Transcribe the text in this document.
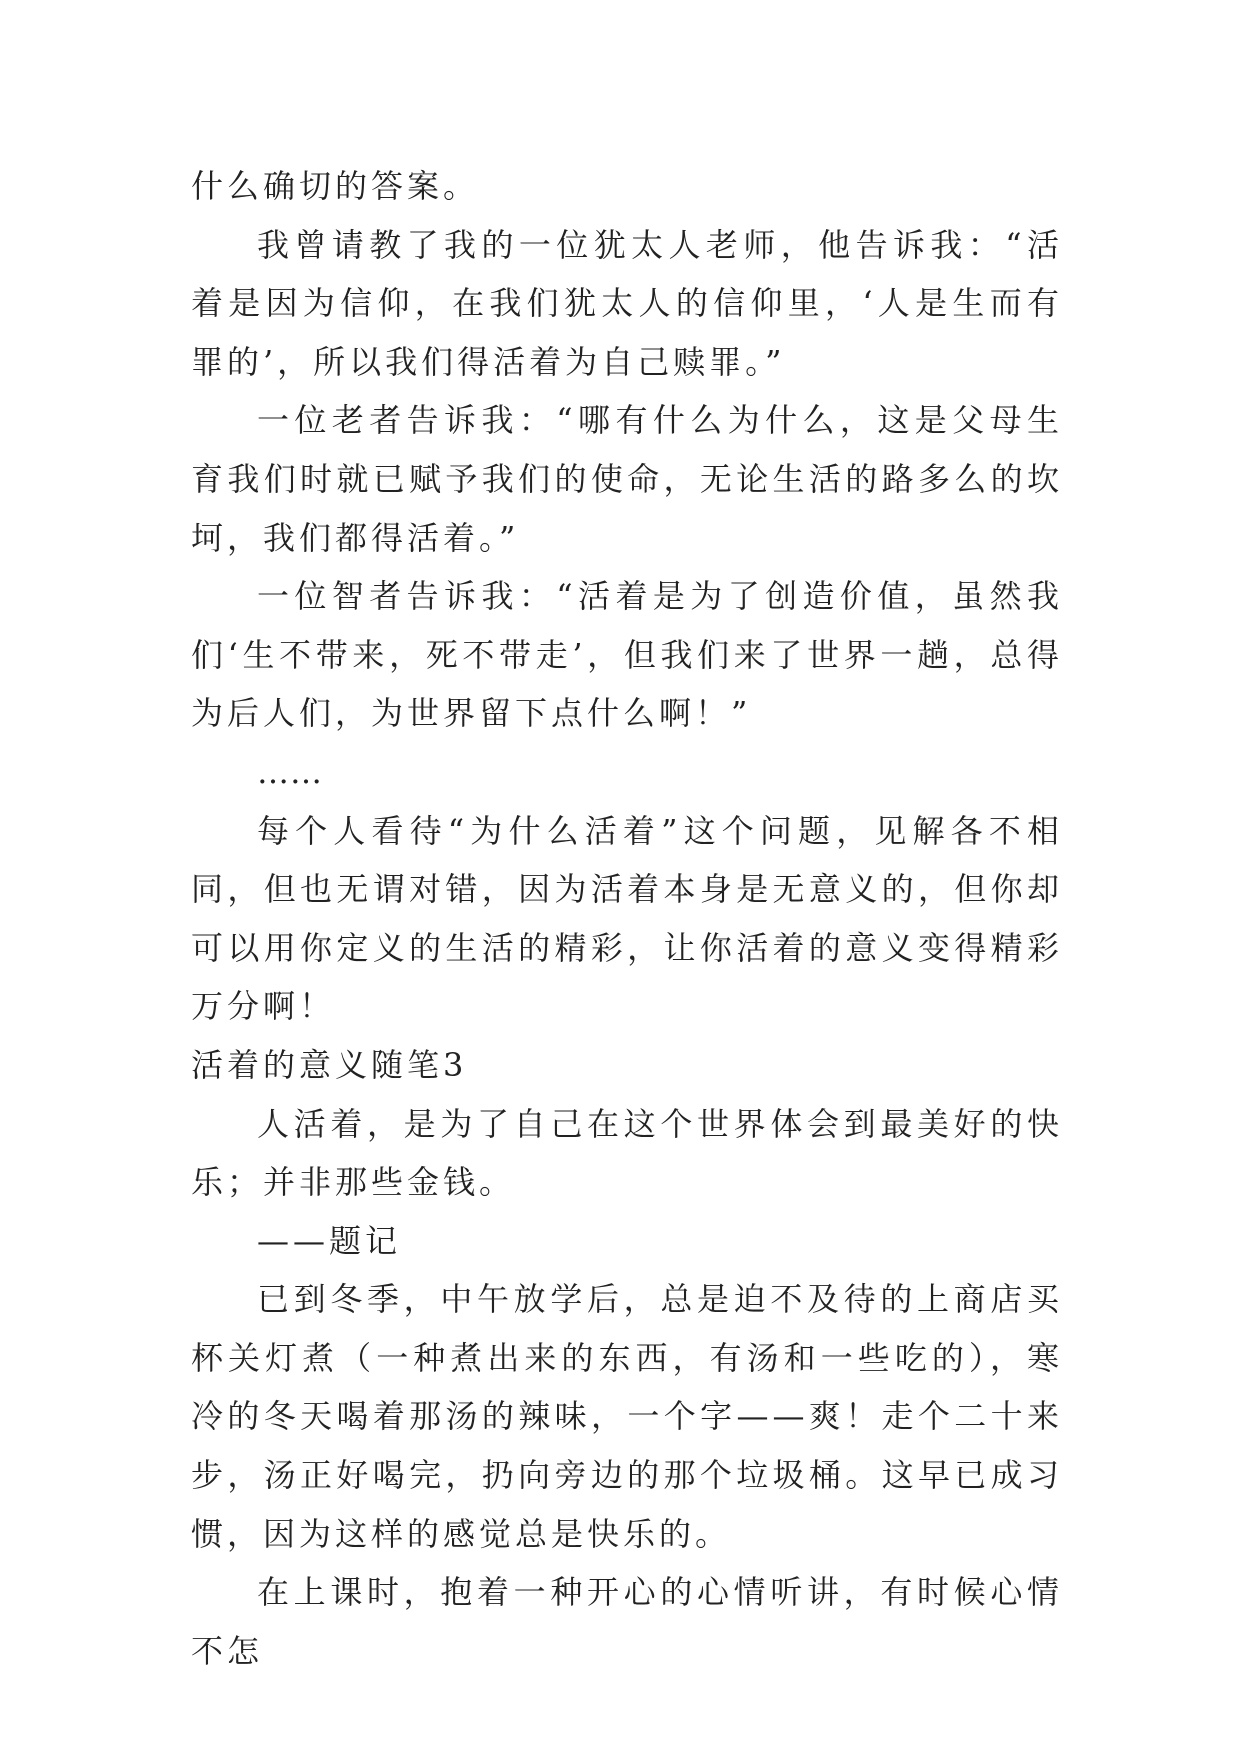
什么确切的答案。

我曾请教了我的一位犹太人老师，他告诉我：“活着是因为信仰，在我们犹太人的信仰里，‘人是生而有罪的’，所以我们得活着为自己赎罪。”

一位老者告诉我：“哪有什么为什么，这是父母生育我们时就已赋予我们的使命，无论生活的路多么的坎坷，我们都得活着。”

一位智者告诉我：“活着是为了创造价值，虽然我们‘生不带来，死不带走’，但我们来了世界一趟，总得为后人们，为世界留下点什么啊！”

……

每个人看待“为什么活着”这个问题，见解各不相同，但也无谓对错，因为活着本身是无意义的，但你却可以用你定义的生活的精彩，让你活着的意义变得精彩万分啊！

活着的意义随笔3

人活着，是为了自己在这个世界体会到最美好的快乐；并非那些金钱。

——题记

已到冬季，中午放学后，总是迫不及待的上商店买杯关灯煮（一种煮出来的东西，有汤和一些吃的），寒冷的冬天喝着那汤的辣味，一个字——爽！走个二十来步，汤正好喝完，扔向旁边的那个垃圾桶。这早已成习惯，因为这样的感觉总是快乐的。

在上课时，抱着一种开心的心情听讲，有时候心情不怎
